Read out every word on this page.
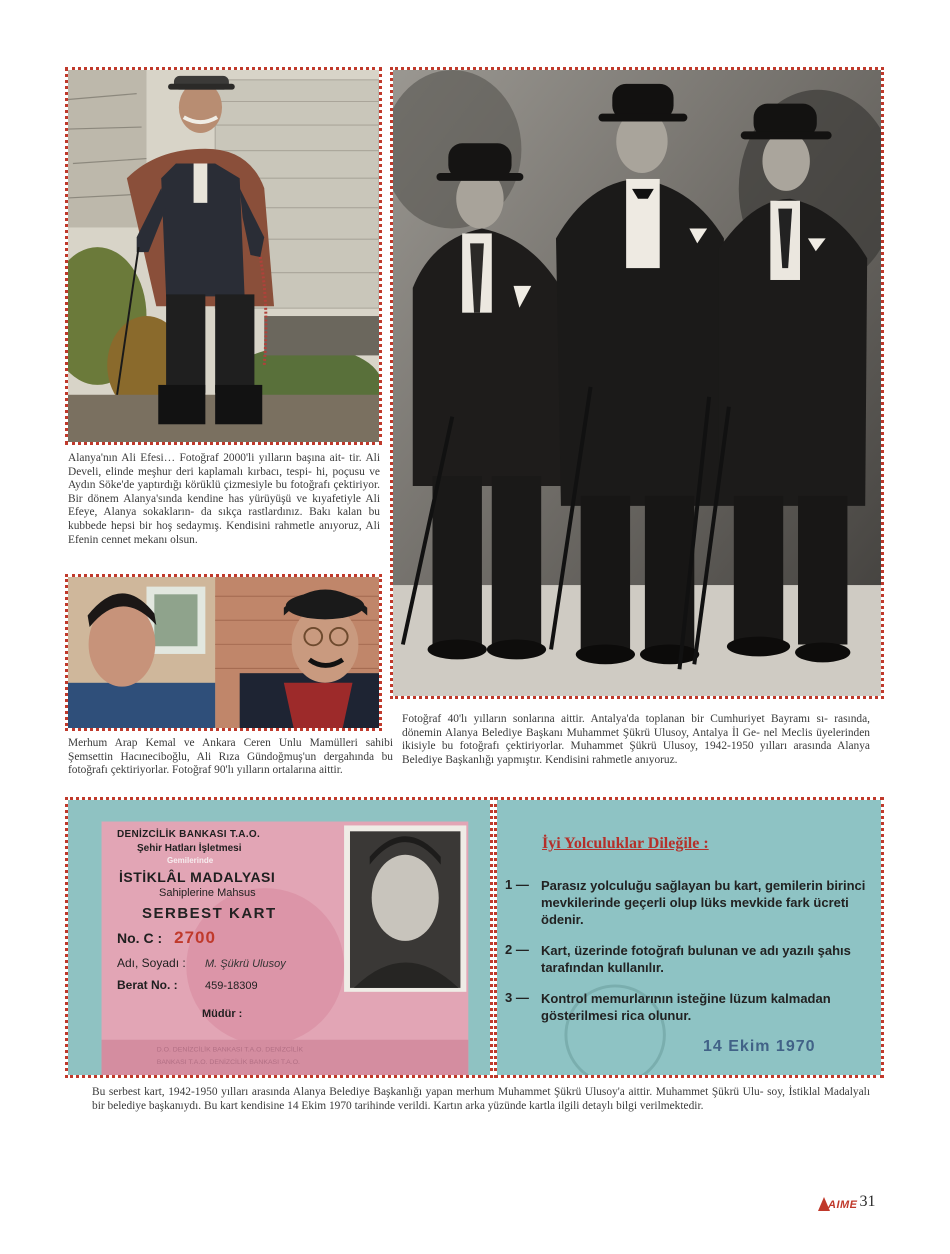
Alanya'nın Ali Efesi… Fotoğraf 2000'li yılların başına ait- tir. Ali Develi, elinde meşhur deri kaplamalı kırbacı, tespi- hi, poçusu ve Aydın Söke'de yaptırdığı körüklü çizmesiyle bu fotoğrafı çektiriyor. Bir dönem Alanya'sında kendine has yürüyüşü ve kıyafetiyle Ali Efeye, Alanya sokakların- da sıkça rastlardınız. Bakı kalan bu kubbede hepsi bir hoş sedaymış. Kendisini rahmetle anıyoruz, Ali Efenin cennet mekanı olsun.

Fotoğraf 40'lı yılların sonlarına aittir. Antalya'da toplanan bir Cumhuriyet Bayramı sı- rasında, dönemin Alanya Belediye Başkanı Muhammet Şükrü Ulusoy, Antalya İl Ge- nel Meclis üyelerinden ikisiyle bu fotoğrafı çektiriyorlar. Muhammet Şükrü Ulusoy, 1942-1950 yılları arasında Alanya Belediye Başkanlığı yapmıştır. Kendisini rahmetle anıyoruz.

Merhum Arap Kemal ve Ankara Ceren Unlu Mamülleri sahibi Şemsettin Hacıneciboğlu, Ali Rıza Gündoğmuş'un dergahında bu fotoğrafı çektiriyorlar. Fotoğraf 90'lı yılların ortalarına aittir.

D.O. DENİZCİLİK BANKASI T.A.O. DENİZCİLİK
BANKASI T.A.O. DENİZCİLİK BANKASI T.A.O.
DENİZCİLİK BANKASI T.A.O.
Şehir Hatları İşletmesi
Gemilerinde
İSTİKLÂL MADALYASI
Sahiplerine Mahsus
SERBEST KART
No. C : 2700
Adı, Soyadı :	M. Şükrü Ulusoy
Berat No. :	459-18309
Müdür :
İyi Yolculuklar Dileğile :
1 — Parasız yolculuğu sağlayan bu kart, gemilerin birinci mevkilerinde geçerli olup lüks mevkide fark ücreti ödenir.
2 — Kart, üzerinde fotoğrafı bulunan ve adı yazılı şahıs tarafından kullanılır.
3 — Kontrol memurlarının isteğine lüzum kalmadan gösterilmesi rica olunur.
14 Ekim 1970

Bu serbest kart, 1942-1950 yılları arasında Alanya Belediye Başkanlığı yapan merhum Muhammet Şükrü Ulusoy'a aittir. Muhammet Şükrü Ulu- soy, İstiklal Madalyalı bir belediye başkanıydı. Bu kart kendisine 14 Ekim 1970 tarihinde verildi. Kartın arka yüzünde kartla ilgili detaylı bilgi verilmektedir.

AIME 31
